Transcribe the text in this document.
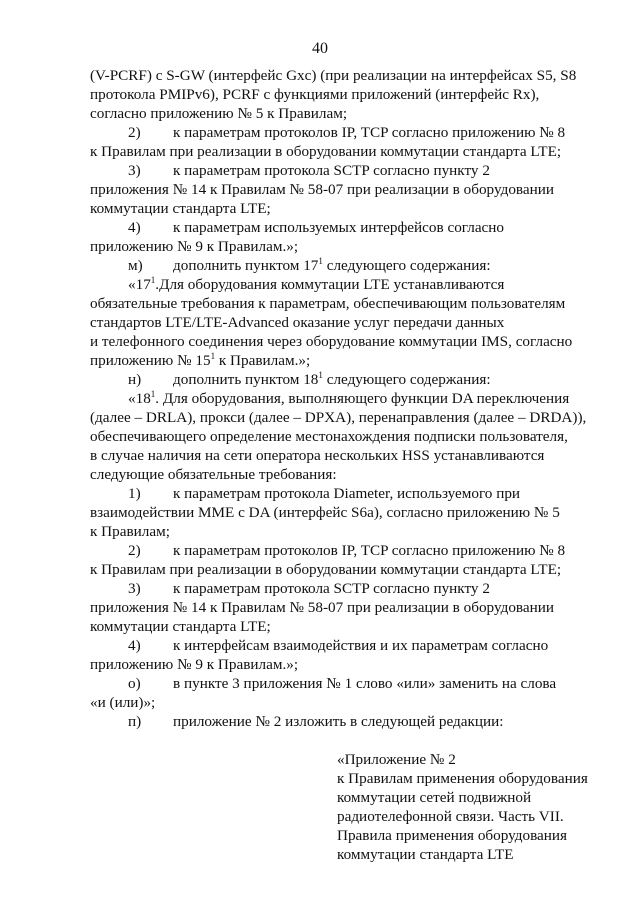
40
(V-PCRF) с S-GW (интерфейс Gxc) (при реализации на интерфейсах S5, S8
протокола PMIPv6), PCRF с функциями приложений (интерфейс Rx),
согласно приложению № 5 к Правилам;
2) к параметрам протоколов IP, TCP согласно приложению № 8
к Правилам при реализации в оборудовании коммутации стандарта LTE;
3) к параметрам протокола SCTP согласно пункту 2
приложения № 14 к Правилам № 58-07 при реализации в оборудовании
коммутации стандарта LTE;
4) к параметрам используемых интерфейсов согласно
приложению № 9 к Правилам.»;
м) дополнить пунктом $17^1$ следующего содержания:
«$17^1.Для$ оборудования коммутации LTE устанавливаются
обязательные требования к параметрам, обеспечивающим пользователям
стандартов LTE/LTE-Advanced оказание услуг передачи данных
и телефонного соединения через оборудование коммутации IMS, согласно
приложению № $15^1$ к Правилам.»;
н) дополнить пунктом $18^1$ следующего содержания:
«$18^1$. Для оборудования, выполняющего функции DA переключения
(далее – DRLA), прокси (далее – DPXA), перенаправления (далее – DRDA)),
обеспечивающего определение местонахождения подписки пользователя,
в случае наличия на сети оператора нескольких HSS устанавливаются
следующие обязательные требования:
1) к параметрам протокола Diameter, используемого при
взаимодействии MME с DA (интерфейс S6a), согласно приложению № 5
к Правилам;
2) к параметрам протоколов IP, TCP согласно приложению № 8
к Правилам при реализации в оборудовании коммутации стандарта LTE;
3) к параметрам протокола SCTP согласно пункту 2
приложения № 14 к Правилам № 58-07 при реализации в оборудовании
коммутации стандарта LTE;
4) к интерфейсам взаимодействия и их параметрам согласно
приложению № 9 к Правилам.»;
о) в пункте 3 приложения № 1 слово «или» заменить на слова
«и (или)»;
п) приложение № 2 изложить в следующей редакции:
«Приложение № 2
к Правилам применения оборудования
коммутации сетей подвижной
радиотелефонной связи. Часть VII.
Правила применения оборудования
коммутации стандарта LTE
